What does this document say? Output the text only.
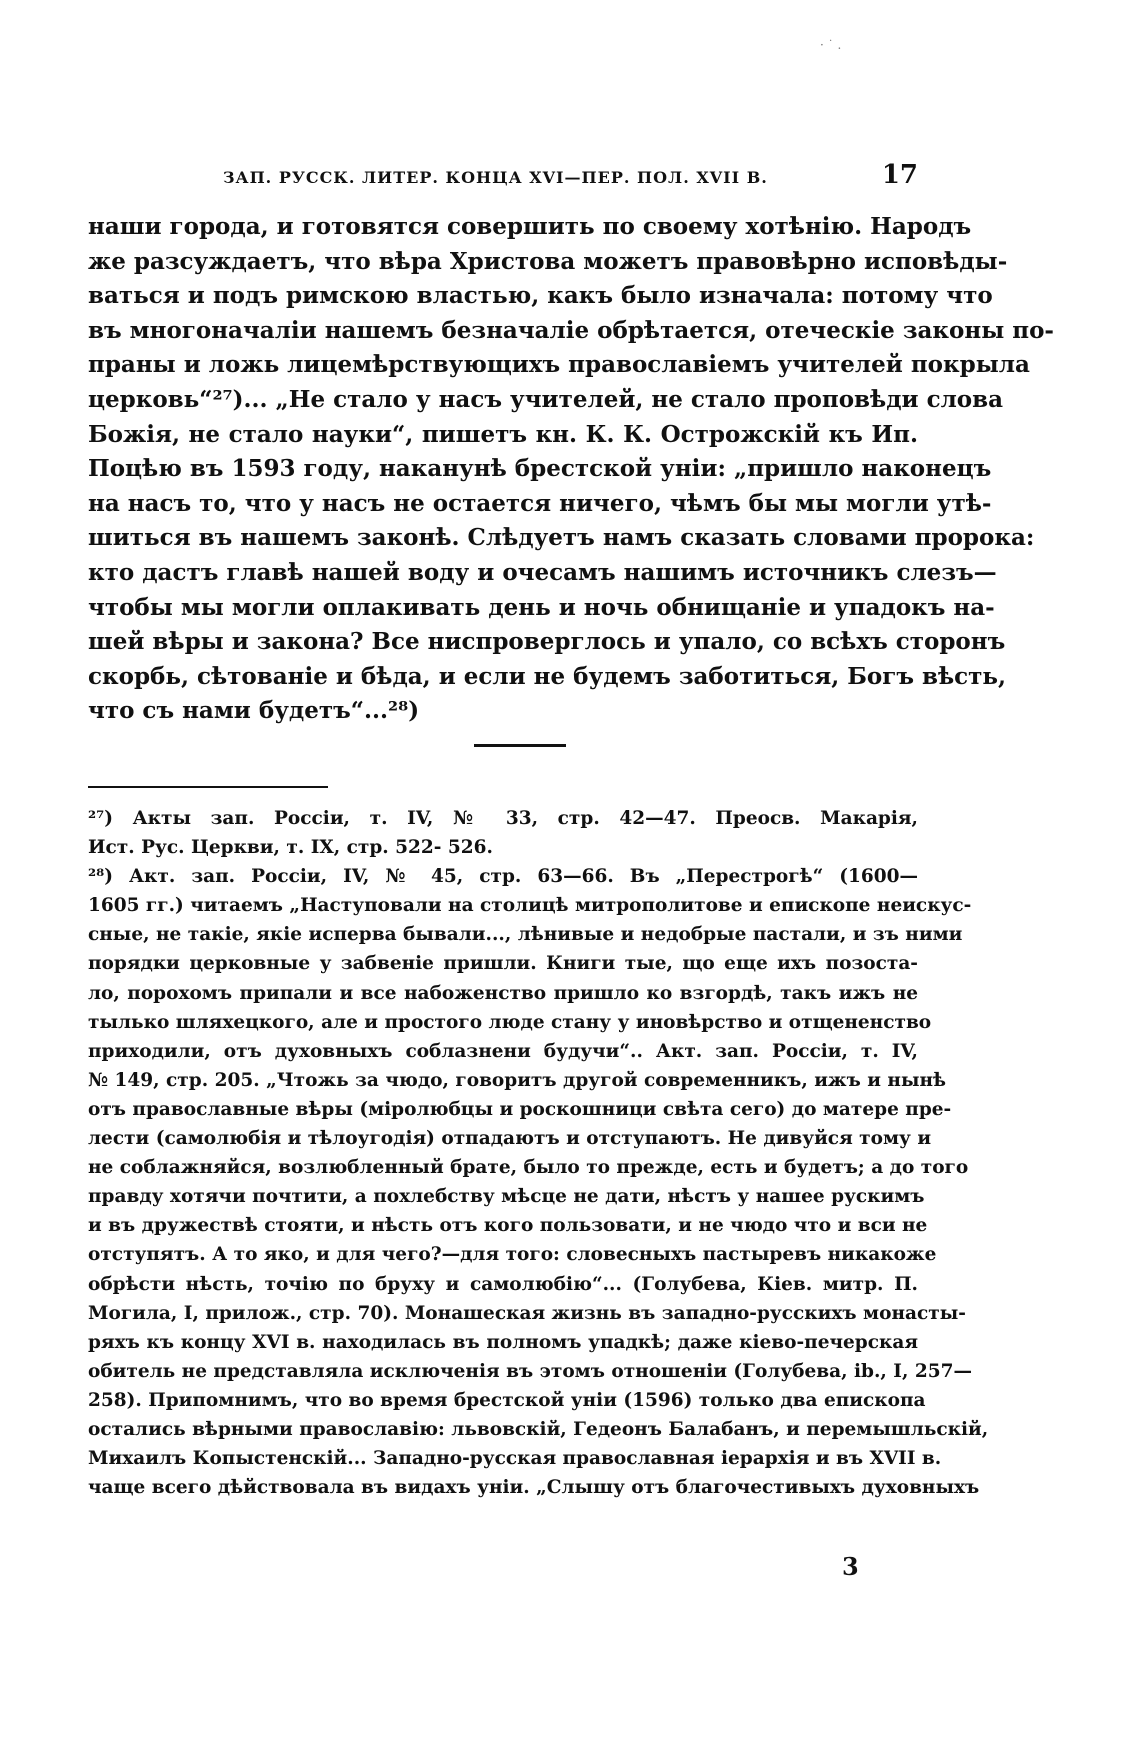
ЗАП. РУССК. ЛИТЕР. КОНЦА XVI—ПЕР. ПОЛ. XVII В.	17
наши города, и готовятся совершить по своему хотѣнію. Народъ
же разсуждаетъ, что вѣра Христова можетъ правовѣрно исповѣды-
ваться и подъ римскою властью, какъ было изначала: потому что
въ многоначаліи нашемъ безначаліе обрѣтается, отеческіе законы по-
праны и ложь лицемѣрствующихъ православіемъ учителей покрыла
церковь“²⁷)... „Не стало у насъ учителей, не стало проповѣди слова
Божія, не стало науки“, пишетъ кн. К. К. Острожскій къ Ип.
Поцѣю въ 1593 году, наканунѣ брестской уніи: „пришло наконецъ
на насъ то, что у насъ не остается ничего, чѣмъ бы мы могли утѣ-
шиться въ нашемъ законѣ. Слѣдуетъ намъ сказать словами пророка:
кто дастъ главѣ нашей воду и очесамъ нашимъ источникъ слезъ—
чтобы мы могли оплакивать день и ночь обнищаніе и упадокъ на-
шей вѣры и закона? Все ниспроверглось и упало, со всѣхъ сторонъ
скорбь, сѣтованіе и бѣда, и если не будемъ заботиться, Богъ вѣсть,
что съ нами будетъ“...²⁸)
²⁷) Акты зап. Россіи, т. IV, № 33, стр. 42—47. Преосв. Макарія,
Ист. Рус. Церкви, т. IX, стр. 522- 526.
²⁸) Акт. зап. Россіи, IV, № 45, стр. 63—66. Въ „Перестрогѣ“ (1600—
1605 гг.) читаемъ „Наступовали на столицѣ митрополитове и епископе неискус-
сныe, не такіе, якіе исперва бывали..., лѣнивые и недобрые пастали, и зъ ними
порядки церковные у забвеніе пришли. Книги тые, що еще ихъ позоста-
ло, порохомъ припали и все набоженство пришло ко взгордѣ, такъ ижъ не
тылько шляхецкого, але и простого люде стану у иновѣрство и отщененство
приходили, отъ духовныхъ соблазнени будучи“.. Акт. зап. Россіи, т. IV,
№ 149, стр. 205. „Чтожь за чюдо, говоритъ другой современникъ, ижъ и нынѣ
отъ православные вѣры (міролюбцы и роскошници свѣта сего) до матере пре-
лести (самолюбія и тѣлоугодія) отпадаютъ и отступаютъ. Не дивуйся тому и
не соблажняйся, возлюбленный брате, было то прежде, есть и будетъ; а до того
правду хотячи почтити, а похлебству мѣсце не дати, нѣстъ у нашее рускимъ
и въ дружествѣ стояти, и нѣсть отъ кого пользовати, и не чюдо что и вси не
отступятъ. А то яко, и для чего?—для того: словесныхъ пастыревъ никакоже
обрѣсти нѣсть, точію по бруху и самолюбію“... (Голубева, Кіев. митр. П.
Могила, I, прилож., стр. 70). Монашеская жизнь въ западно-русскихъ монасты-
ряхъ къ концу XVI в. находилась въ полномъ упадкѣ; даже кіево-печерская
обитель не представляла исключенія въ этомъ отношеніи (Голубева, ib., I, 257—
258). Припомнимъ, что во время брестской уніи (1596) только два епископа
остались вѣрными православію: львовскій, Гедеонъ Балабанъ, и перемышльскій,
Михаилъ Копыстенскій... Западно-русская православная іерархія и въ XVII в.
чаще всего дѣйствовала въ видахъ уніи. „Слышу отъ благочестивыхъ духовныхъ
3
· ˙ .
